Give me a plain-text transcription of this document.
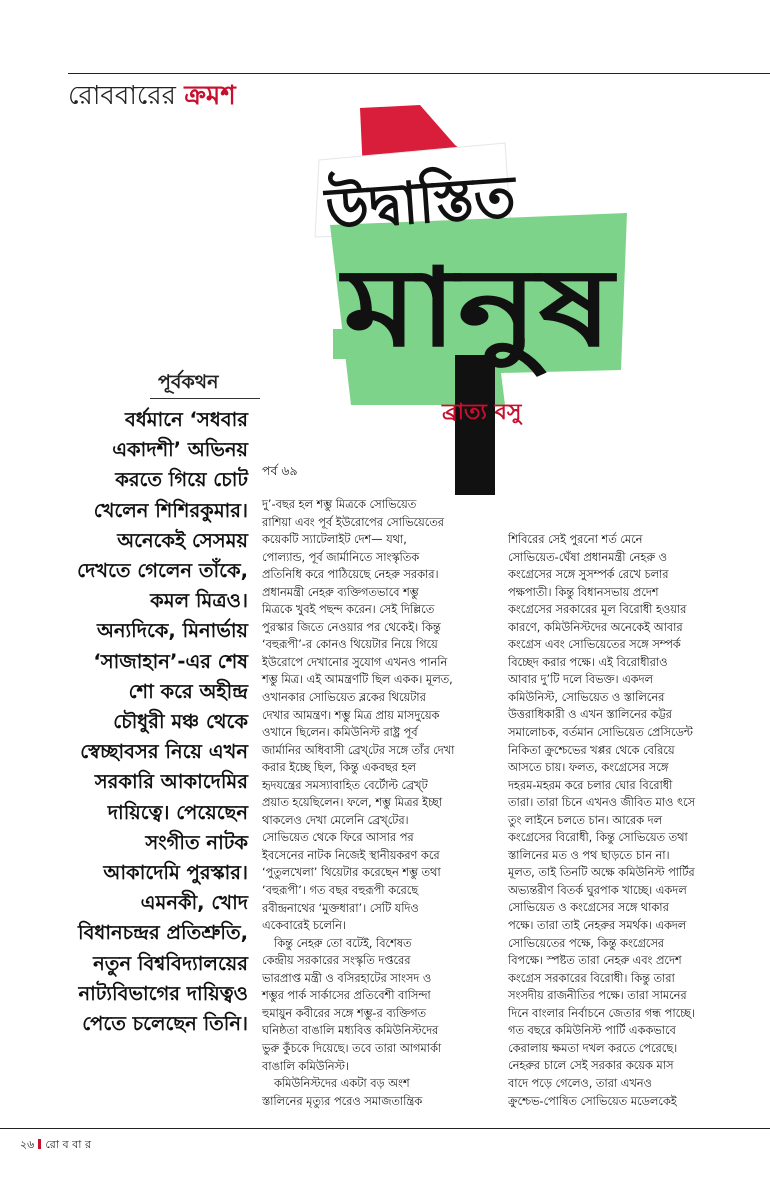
রোববারের ক্রমশ
উদ্বাস্তিত
মানুষ
ব্রাত্য বসু
পূর্বকথন
বর্ধমানে ‘সধবার
একাদশী’ অভিনয়
করতে গিয়ে চোট
খেলেন শিশিরকুমার।
অনেকেই সেসময়
দেখতে গেলেন তাঁকে,
কমল মিত্রও।
অন্যদিকে, মিনার্ভায়
‘সাজাহান’-এর শেষ
শো করে অহীন্দ্র
চৌধুরী মঞ্চ থেকে
স্বেচ্ছাবসর নিয়ে এখন
সরকারি আকাদেমির
দায়িত্বে। পেয়েছেন
সংগীত নাটক
আকাদেমি পুরস্কার।
এমনকী, খোদ
বিধানচন্দ্রর প্রতিশ্রুতি,
নতুন বিশ্ববিদ্যালয়ের
নাট্যবিভাগের দায়িত্বও
পেতে চলেছেন তিনি।
পর্ব ৬৯
দু’-বছর হল শম্ভু মিত্রকে সোভিয়েত
রাশিয়া এবং পূর্ব ইউরোপের সোভিয়েতের
কয়েকটি স্যাটেলাইট দেশ— যথা,
পোল্যান্ড, পূর্ব জার্মানিতে সাংস্কৃতিক
প্রতিনিধি করে পাঠিয়েছে নেহরু সরকার।
প্রধানমন্ত্রী নেহরু ব্যক্তিগতভাবে শম্ভু
মিত্রকে খুবই পছন্দ করেন। সেই দিল্লিতে
পুরস্কার জিতে নেওয়ার পর থেকেই। কিন্তু
‘বহুরূপী’-র কোনও থিয়েটার নিয়ে গিয়ে
ইউরোপে দেখানোর সুযোগ এখনও পাননি
শম্ভু মিত্র। এই আমন্ত্রণটি ছিল একক। মূলত,
ওখানকার সোভিয়েত ব্লকের থিয়েটার
দেখার আমন্ত্রণ। শম্ভু মিত্র প্রায় মাসদুয়েক
ওখানে ছিলেন। কমিউনিস্ট রাষ্ট্র পূর্ব
জার্মানির অধিবাসী ব্রেখ্‌টের সঙ্গে তাঁর দেখা
করার ইচ্ছে ছিল, কিন্তু একবছর হল
হৃদযন্ত্রের সমস্যাবাহিত বের্টোল্ট ব্রেখ্‌ট
প্রয়াত হয়েছিলেন। ফলে, শম্ভু মিত্রর ইচ্ছা
থাকলেও দেখা মেলেনি ব্রেখ্‌টের।
সোভিয়েত থেকে ফিরে আসার পর
ইবসেনের নাটক নিজেই স্থানীয়করণ করে
‘পুতুলখেলা’ থিয়েটার করেছেন শম্ভু তথা
‘বহুরূপী’। গত বছর বহুরূপী করেছে
রবীন্দ্রনাথের ‘মুক্তধারা’। সেটি যদিও
একেবারেই চলেনি।
কিন্তু নেহরু তো বটেই, বিশেষত
কেন্দ্রীয় সরকারের সংস্কৃতি দপ্তরের
ভারপ্রাপ্ত মন্ত্রী ও বসিরহাটের সাংসদ ও
শম্ভুর পার্ক সার্কাসের প্রতিবেশী বাসিন্দা
হুমায়ুন কবীরের সঙ্গে শম্ভু-র ব্যক্তিগত
ঘনিষ্ঠতা বাঙালি মধ্যবিত্ত কমিউনিস্টদের
ভুরু কুঁচকে দিয়েছে। তবে তারা আগমার্কা
বাঙালি কমিউনিস্ট।
কমিউনিস্টদের একটা বড় অংশ
স্তালিনের মৃত্যুর পরেও সমাজতান্ত্রিক
শিবিরের সেই পুরনো শর্ত মেনে
সোভিয়েত-ঘেঁষা প্রধানমন্ত্রী নেহরু ও
কংগ্রেসের সঙ্গে সুসম্পর্ক রেখে চলার
পক্ষপাতী। কিন্তু বিধানসভায় প্রদেশ
কংগ্রেসের সরকারের মূল বিরোধী হওয়ার
কারণে, কমিউনিস্টদের অনেকেই আবার
কংগ্রেস এবং সোভিয়েতের সঙ্গে সম্পর্ক
বিচ্ছেদ করার পক্ষে। এই বিরোধীরাও
আবার দু’টি দলে বিভক্ত। একদল
কমিউনিস্ট, সোভিয়েত ও স্তালিনের
উত্তরাধিকারী ও এখন স্তালিনের কট্টর
সমালোচক, বর্তমান সোভিয়েত প্রেসিডেন্ট
নিকিতা ক্রুশ্চেভের খপ্পর থেকে বেরিয়ে
আসতে চায়। ফলত, কংগ্রেসের সঙ্গে
দহরম-মহরম করে চলার ঘোর বিরোধী
তারা। তারা চিনে এখনও জীবিত মাও ৎসে
তুং লাইনে চলতে চান। আরেক দল
কংগ্রেসের বিরোধী, কিন্তু সোভিয়েত তথা
স্তালিনের মত ও পথ ছাড়তে চান না।
মূলত, তাই তিনটি অক্ষে কমিউনিস্ট পার্টির
অভ্যন্তরীণ বিতর্ক ঘুরপাক খাচ্ছে। একদল
সোভিয়েত ও কংগ্রেসের সঙ্গে থাকার
পক্ষে। তারা তাই নেহরুর সমর্থক। একদল
সোভিয়েতের পক্ষে, কিন্তু কংগ্রেসের
বিপক্ষে। স্পষ্টত তারা নেহরু এবং প্রদেশ
কংগ্রেস সরকারের বিরোধী। কিন্তু তারা
সংসদীয় রাজনীতির পক্ষে। তারা সামনের
দিনে বাংলার নির্বাচনে জেতার গন্ধ পাচ্ছে।
গত বছরে কমিউনিস্ট পার্টি এককভাবে
কেরালায় ক্ষমতা দখল করতে পেরেছে।
নেহরুর চালে সেই সরকার কয়েক মাস
বাদে পড়ে গেলেও, তারা এখনও
ক্রুশ্চেভ-পোষিত সোভিয়েত মডেলকেই
২৬ রো ব বা র
